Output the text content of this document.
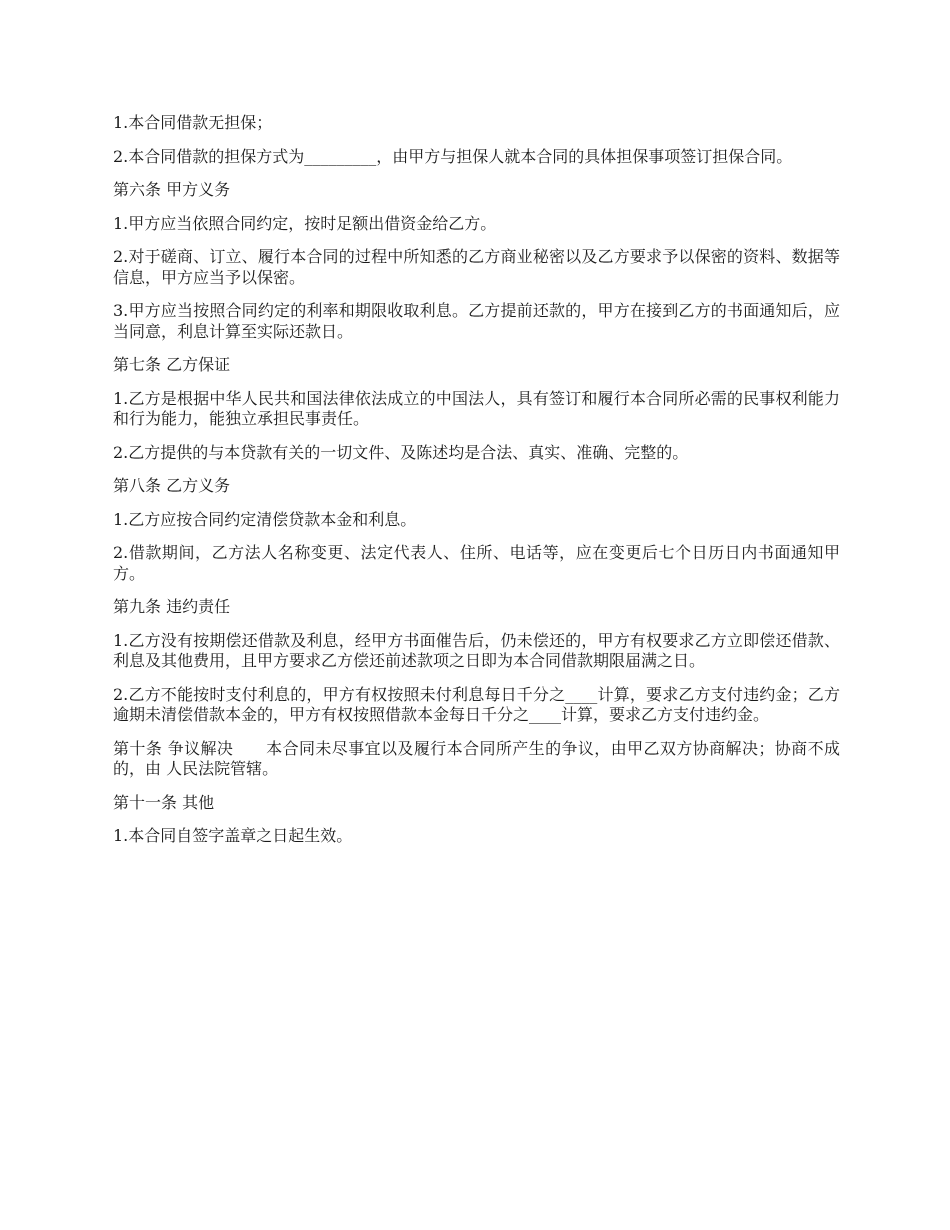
1.本合同借款无担保；

2.本合同借款的担保方式为_________，由甲方与担保人就本合同的具体担保事项签订担保合同。

第六条 甲方义务

1.甲方应当依照合同约定，按时足额出借资金给乙方。

2.对于磋商、订立、履行本合同的过程中所知悉的乙方商业秘密以及乙方要求予以保密的资料、数据等信息，甲方应当予以保密。

3.甲方应当按照合同约定的利率和期限收取利息。乙方提前还款的，甲方在接到乙方的书面通知后，应当同意，利息计算至实际还款日。

第七条 乙方保证

1.乙方是根据中华人民共和国法律依法成立的中国法人，具有签订和履行本合同所必需的民事权利能力和行为能力，能独立承担民事责任。

2.乙方提供的与本贷款有关的一切文件、及陈述均是合法、真实、准确、完整的。

第八条 乙方义务

1.乙方应按合同约定清偿贷款本金和利息。

2.借款期间，乙方法人名称变更、法定代表人、住所、电话等，应在变更后七个日历日内书面通知甲方。

第九条 违约责任

1.乙方没有按期偿还借款及利息，经甲方书面催告后，仍未偿还的，甲方有权要求乙方立即偿还借款、利息及其他费用，且甲方要求乙方偿还前述款项之日即为本合同借款期限届满之日。

2.乙方不能按时支付利息的，甲方有权按照未付利息每日千分之____计算，要求乙方支付违约金；乙方逾期未清偿借款本金的，甲方有权按照借款本金每日千分之____计算，要求乙方支付违约金。

第十条 争议解决　　本合同未尽事宜以及履行本合同所产生的争议，由甲乙双方协商解决；协商不成的，由 人民法院管辖。

第十一条 其他

1.本合同自签字盖章之日起生效。
